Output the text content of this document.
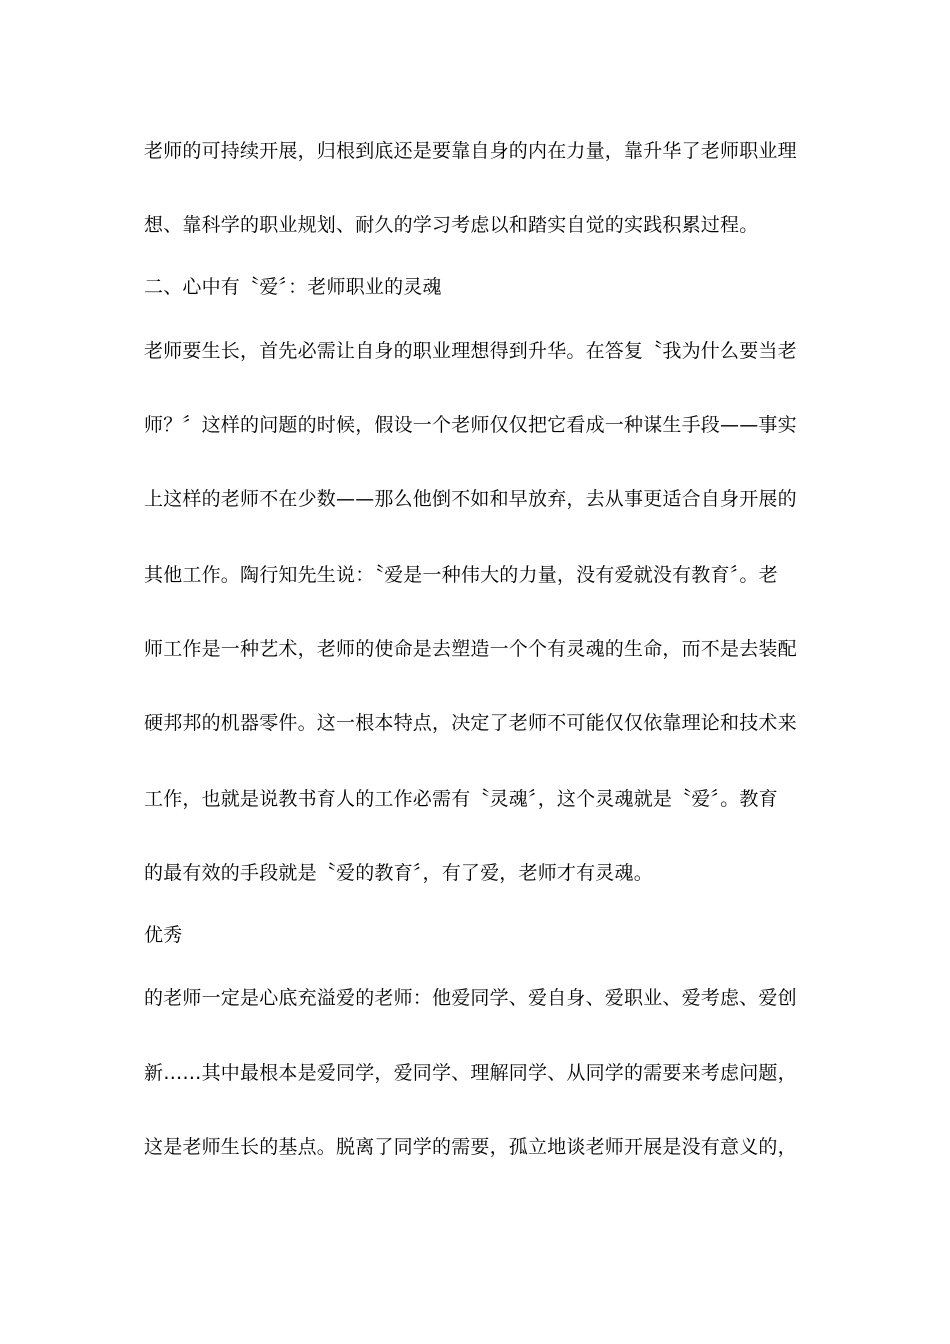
老师的可持续开展，归根到底还是要靠自身的内在力量，靠升华了老师职业理

想、靠科学的职业规划、耐久的学习考虑以和踏实自觉的实践积累过程。

二、心中有〝爱〞：老师职业的灵魂

老师要生长，首先必需让自身的职业理想得到升华。在答复〝我为什么要当老

师？〞这样的问题的时候，假设一个老师仅仅把它看成一种谋生手段——事实

上这样的老师不在少数——那么他倒不如和早放弃，去从事更适合自身开展的

其他工作。陶行知先生说：〝爱是一种伟大的力量，没有爱就没有教育〞。老

师工作是一种艺术，老师的使命是去塑造一个个有灵魂的生命，而不是去装配

硬邦邦的机器零件。这一根本特点，决定了老师不可能仅仅依靠理论和技术来

工作，也就是说教书育人的工作必需有〝灵魂〞，这个灵魂就是〝爱〞。教育

的最有效的手段就是〝爱的教育〞，有了爱，老师才有灵魂。

优秀

的老师一定是心底充溢爱的老师：他爱同学、爱自身、爱职业、爱考虑、爱创

新……其中最根本是爱同学，爱同学、理解同学、从同学的需要来考虑问题，

这是老师生长的基点。脱离了同学的需要，孤立地谈老师开展是没有意义的，
